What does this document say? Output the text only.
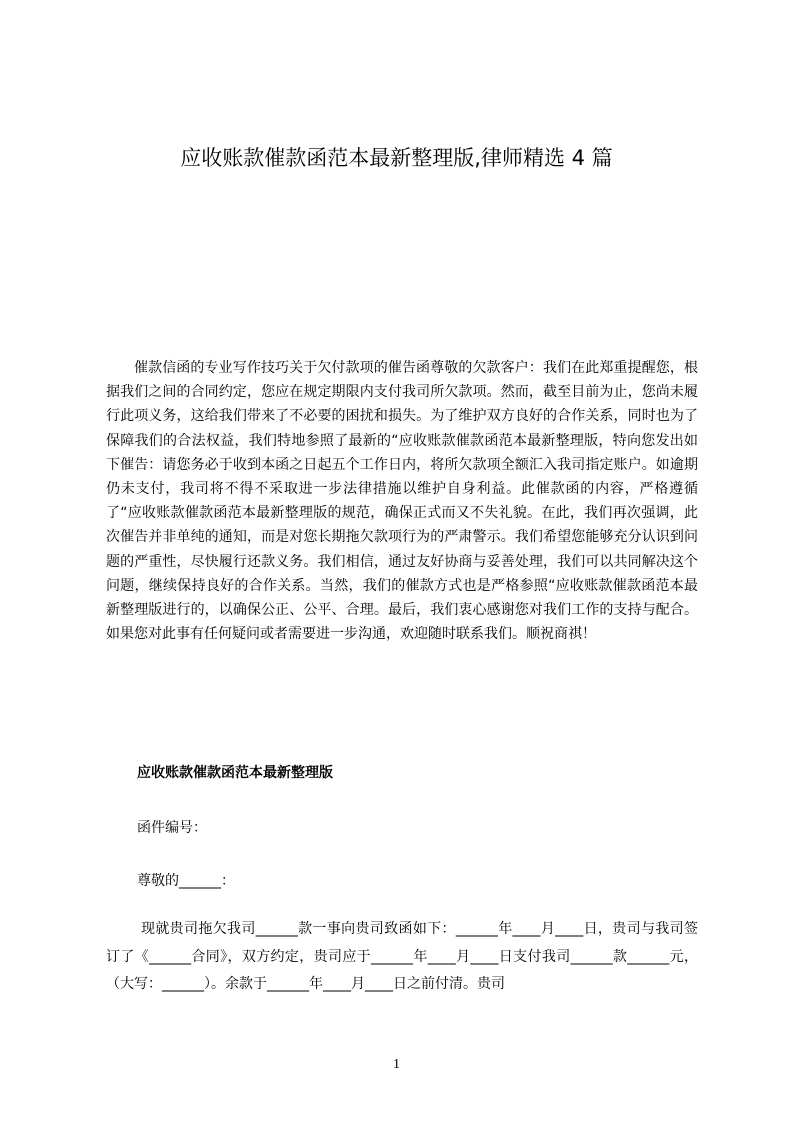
应收账款催款函范本最新整理版,律师精选 4 篇

催款信函的专业写作技巧关于欠付款项的催告函尊敬的欠款客户：我们在此郑重提醒您，根据我们之间的合同约定，您应在规定期限内支付我司所欠款项。然而，截至目前为止，您尚未履行此项义务，这给我们带来了不必要的困扰和损失。为了维护双方良好的合作关系，同时也为了保障我们的合法权益，我们特地参照了最新的“应收账款催款函范本最新整理版，特向您发出如下催告：请您务必于收到本函之日起五个工作日内，将所欠款项全额汇入我司指定账户。如逾期仍未支付，我司将不得不采取进一步法律措施以维护自身利益。此催款函的内容，严格遵循了“应收账款催款函范本最新整理版的规范，确保正式而又不失礼貌。在此，我们再次强调，此次催告并非单纯的通知，而是对您长期拖欠款项行为的严肃警示。我们希望您能够充分认识到问题的严重性，尽快履行还款义务。我们相信，通过友好协商与妥善处理，我们可以共同解决这个问题，继续保持良好的合作关系。当然，我们的催款方式也是严格参照“应收账款催款函范本最新整理版进行的，以确保公正、公平、合理。最后，我们衷心感谢您对我们工作的支持与配合。如果您对此事有任何疑问或者需要进一步沟通，欢迎随时联系我们。顺祝商祺！

应收账款催款函范本最新整理版

函件编号：

尊敬的______：

现就贵司拖欠我司______款一事向贵司致函如下：______年____月____日，贵司与我司签订了《______合同》，双方约定，贵司应于______年____月____日支付我司______款______元，（大写：______）。余款于______年____月____日之前付清。贵司

1
